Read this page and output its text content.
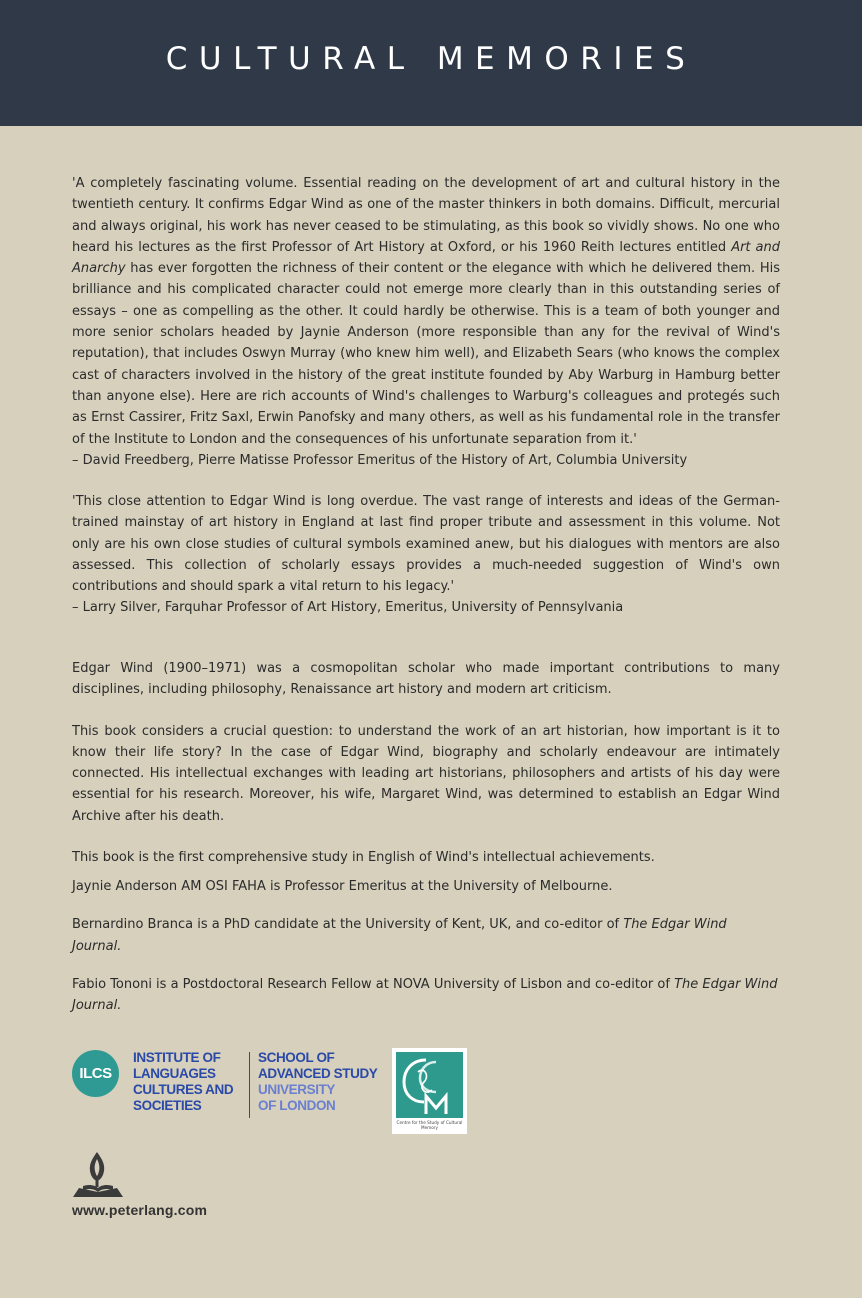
CULTURAL MEMORIES

'A completely fascinating volume. Essential reading on the development of art and cultural history in the twentieth century. It confirms Edgar Wind as one of the master thinkers in both domains. Difficult, mercurial and always original, his work has never ceased to be stimulating, as this book so vividly shows. No one who heard his lectures as the first Professor of Art History at Oxford, or his 1960 Reith lectures entitled Art and Anarchy has ever forgotten the richness of their content or the elegance with which he delivered them. His brilliance and his complicated character could not emerge more clearly than in this outstanding series of essays – one as compelling as the other. It could hardly be otherwise. This is a team of both younger and more senior scholars headed by Jaynie Anderson (more responsible than any for the revival of Wind's reputation), that includes Oswyn Murray (who knew him well), and Elizabeth Sears (who knows the complex cast of characters involved in the history of the great institute founded by Aby Warburg in Hamburg better than anyone else). Here are rich accounts of Wind's challenges to Warburg's colleagues and protegés such as Ernst Cassirer, Fritz Saxl, Erwin Panofsky and many others, as well as his fundamental role in the transfer of the Institute to London and the consequences of his unfortunate separation from it.'

– David Freedberg, Pierre Matisse Professor Emeritus of the History of Art, Columbia University

'This close attention to Edgar Wind is long overdue. The vast range of interests and ideas of the German-trained mainstay of art history in England at last find proper tribute and assessment in this volume. Not only are his own close studies of cultural symbols examined anew, but his dialogues with mentors are also assessed. This collection of scholarly essays provides a much-needed suggestion of Wind's own contributions and should spark a vital return to his legacy.'

– Larry Silver, Farquhar Professor of Art History, Emeritus, University of Pennsylvania

Edgar Wind (1900–1971) was a cosmopolitan scholar who made important contributions to many disciplines, including philosophy, Renaissance art history and modern art criticism.

This book considers a crucial question: to understand the work of an art historian, how important is it to know their life story? In the case of Edgar Wind, biography and scholarly endeavour are intimately connected. His intellectual exchanges with leading art historians, philosophers and artists of his day were essential for his research. Moreover, his wife, Margaret Wind, was determined to establish an Edgar Wind Archive after his death.

This book is the first comprehensive study in English of Wind's intellectual achievements.

Jaynie Anderson AM OSI FAHA is Professor Emeritus at the University of Melbourne.

Bernardino Branca is a PhD candidate at the University of Kent, UK, and co-editor of The Edgar Wind Journal.

Fabio Tononi is a Postdoctoral Research Fellow at NOVA University of Lisbon and co-editor of The Edgar Wind Journal.

ILCS
INSTITUTE OF
LANGUAGES
CULTURES AND
SOCIETIES
SCHOOL OF
ADVANCED STUDY
UNIVERSITY
OF LONDON
Centre for the Study of Cultural Memory
www.peterlang.com
